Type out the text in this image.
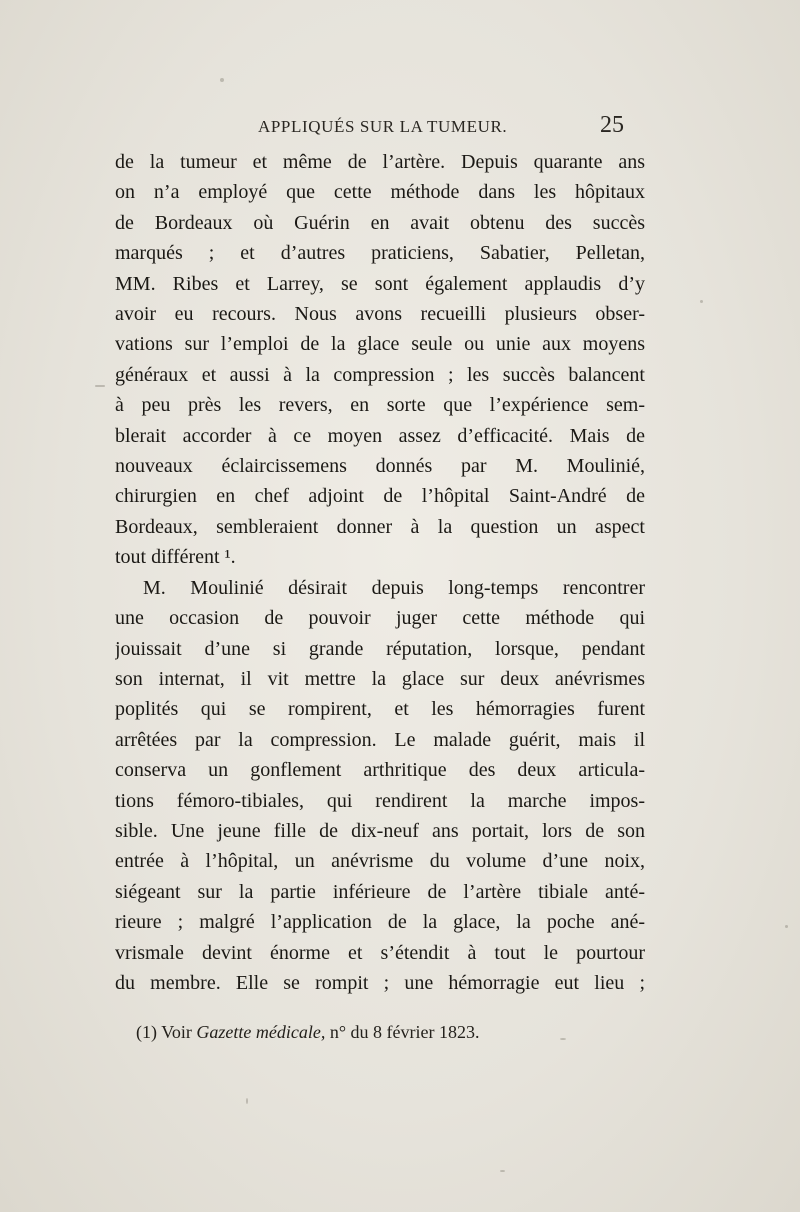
APPLIQUÉS SUR LA TUMEUR.	25
de la tumeur et même de l’artère. Depuis quarante ans
on n’a employé que cette méthode dans les hôpitaux
de Bordeaux où Guérin en avait obtenu des succès
marqués ; et d’autres praticiens, Sabatier, Pelletan,
MM. Ribes et Larrey, se sont également applaudis d’y
avoir eu recours. Nous avons recueilli plusieurs obser-
vations sur l’emploi de la glace seule ou unie aux moyens
généraux et aussi à la compression ; les succès balancent
à peu près les revers, en sorte que l’expérience sem-
blerait accorder à ce moyen assez d’efficacité. Mais de
nouveaux éclaircissemens donnés par M. Moulinié,
chirurgien en chef adjoint de l’hôpital Saint-André de
Bordeaux, sembleraient donner à la question un aspect
tout différent ¹.
M. Moulinié désirait depuis long-temps rencontrer
une occasion de pouvoir juger cette méthode qui
jouissait d’une si grande réputation, lorsque, pendant
son internat, il vit mettre la glace sur deux anévrismes
poplités qui se rompirent, et les hémorragies furent
arrêtées par la compression. Le malade guérit, mais il
conserva un gonflement arthritique des deux articula-
tions fémoro-tibiales, qui rendirent la marche impos-
sible. Une jeune fille de dix-neuf ans portait, lors de son
entrée à l’hôpital, un anévrisme du volume d’une noix,
siégeant sur la partie inférieure de l’artère tibiale anté-
rieure ; malgré l’application de la glace, la poche ané-
vrismale devint énorme et s’étendit à tout le pourtour
du membre. Elle se rompit ; une hémorragie eut lieu ;
(1) Voir Gazette médicale, n° du 8 février 1823.
